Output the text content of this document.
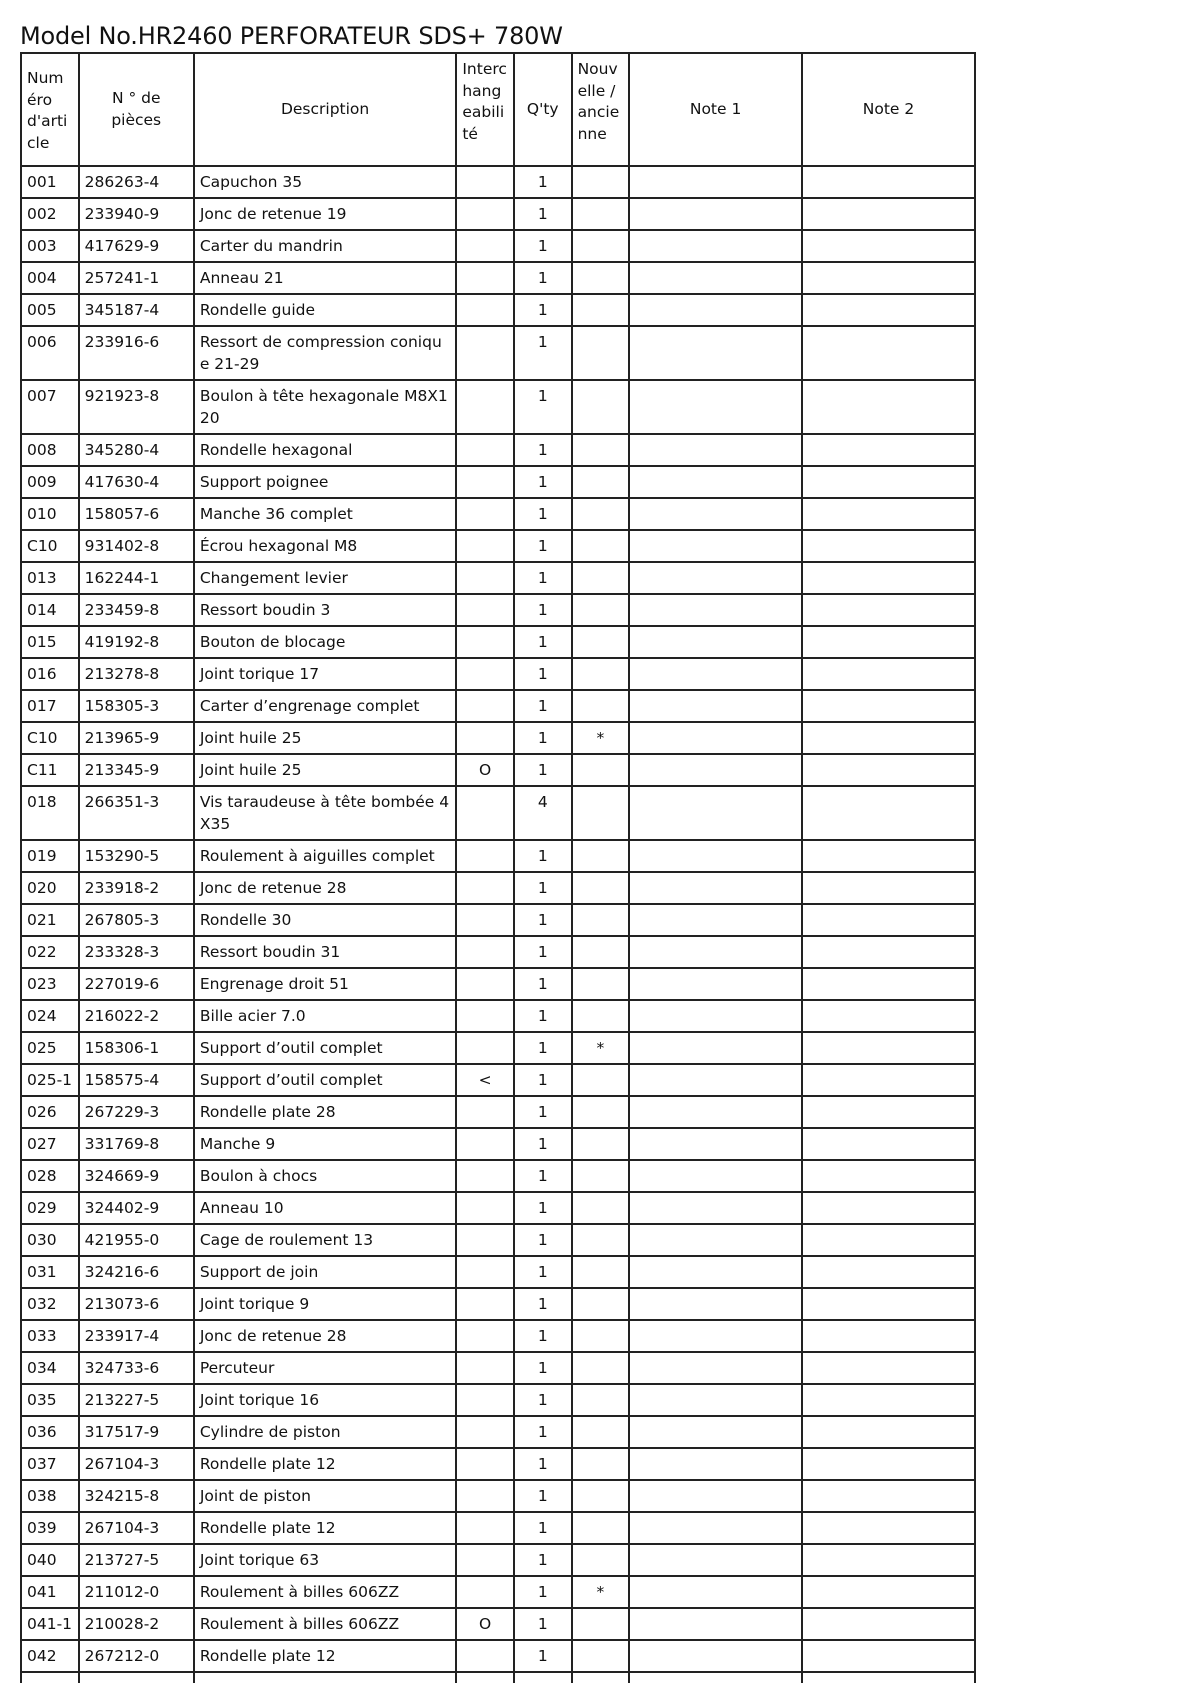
Model No.HR2460 PERFORATEUR SDS+ 780W
Numéro d'article	N ° de pièces	Description	Interchangeabilité	Q'ty	Nouvelle / ancienne	Note 1	Note 2
001	286263-4	Capuchon 35		1			
002	233940-9	Jonc de retenue 19		1			
003	417629-9	Carter du mandrin		1			
004	257241-1	Anneau 21		1			
005	345187-4	Rondelle guide		1			
006	233916-6	Ressort de compression conique 21-29		1			
007	921923-8	Boulon à tête hexagonale M8X120		1			
008	345280-4	Rondelle hexagonal		1			
009	417630-4	Support poignee		1			
010	158057-6	Manche 36 complet		1			
C10	931402-8	Écrou hexagonal M8		1			
013	162244-1	Changement levier		1			
014	233459-8	Ressort boudin 3		1			
015	419192-8	Bouton de blocage		1			
016	213278-8	Joint torique 17		1			
017	158305-3	Carter d’engrenage complet		1			
C10	213965-9	Joint huile 25		1	*		
C11	213345-9	Joint huile 25	O	1			
018	266351-3	Vis taraudeuse à tête bombée 4X35		4			
019	153290-5	Roulement à aiguilles complet		1			
020	233918-2	Jonc de retenue 28		1			
021	267805-3	Rondelle 30		1			
022	233328-3	Ressort boudin 31		1			
023	227019-6	Engrenage droit 51		1			
024	216022-2	Bille acier 7.0		1			
025	158306-1	Support d’outil complet		1	*		
025-1	158575-4	Support d’outil complet	<	1			
026	267229-3	Rondelle plate 28		1			
027	331769-8	Manche 9		1			
028	324669-9	Boulon à chocs		1			
029	324402-9	Anneau 10		1			
030	421955-0	Cage de roulement 13		1			
031	324216-6	Support de join		1			
032	213073-6	Joint torique 9		1			
033	233917-4	Jonc de retenue 28		1			
034	324733-6	Percuteur		1			
035	213227-5	Joint torique 16		1			
036	317517-9	Cylindre de piston		1			
037	267104-3	Rondelle plate 12		1			
038	324215-8	Joint de piston		1			
039	267104-3	Rondelle plate 12		1			
040	213727-5	Joint torique 63		1			
041	211012-0	Roulement à billes 606ZZ		1	*		
041-1	210028-2	Roulement à billes 606ZZ	O	1			
042	267212-0	Rondelle plate 12		1			
